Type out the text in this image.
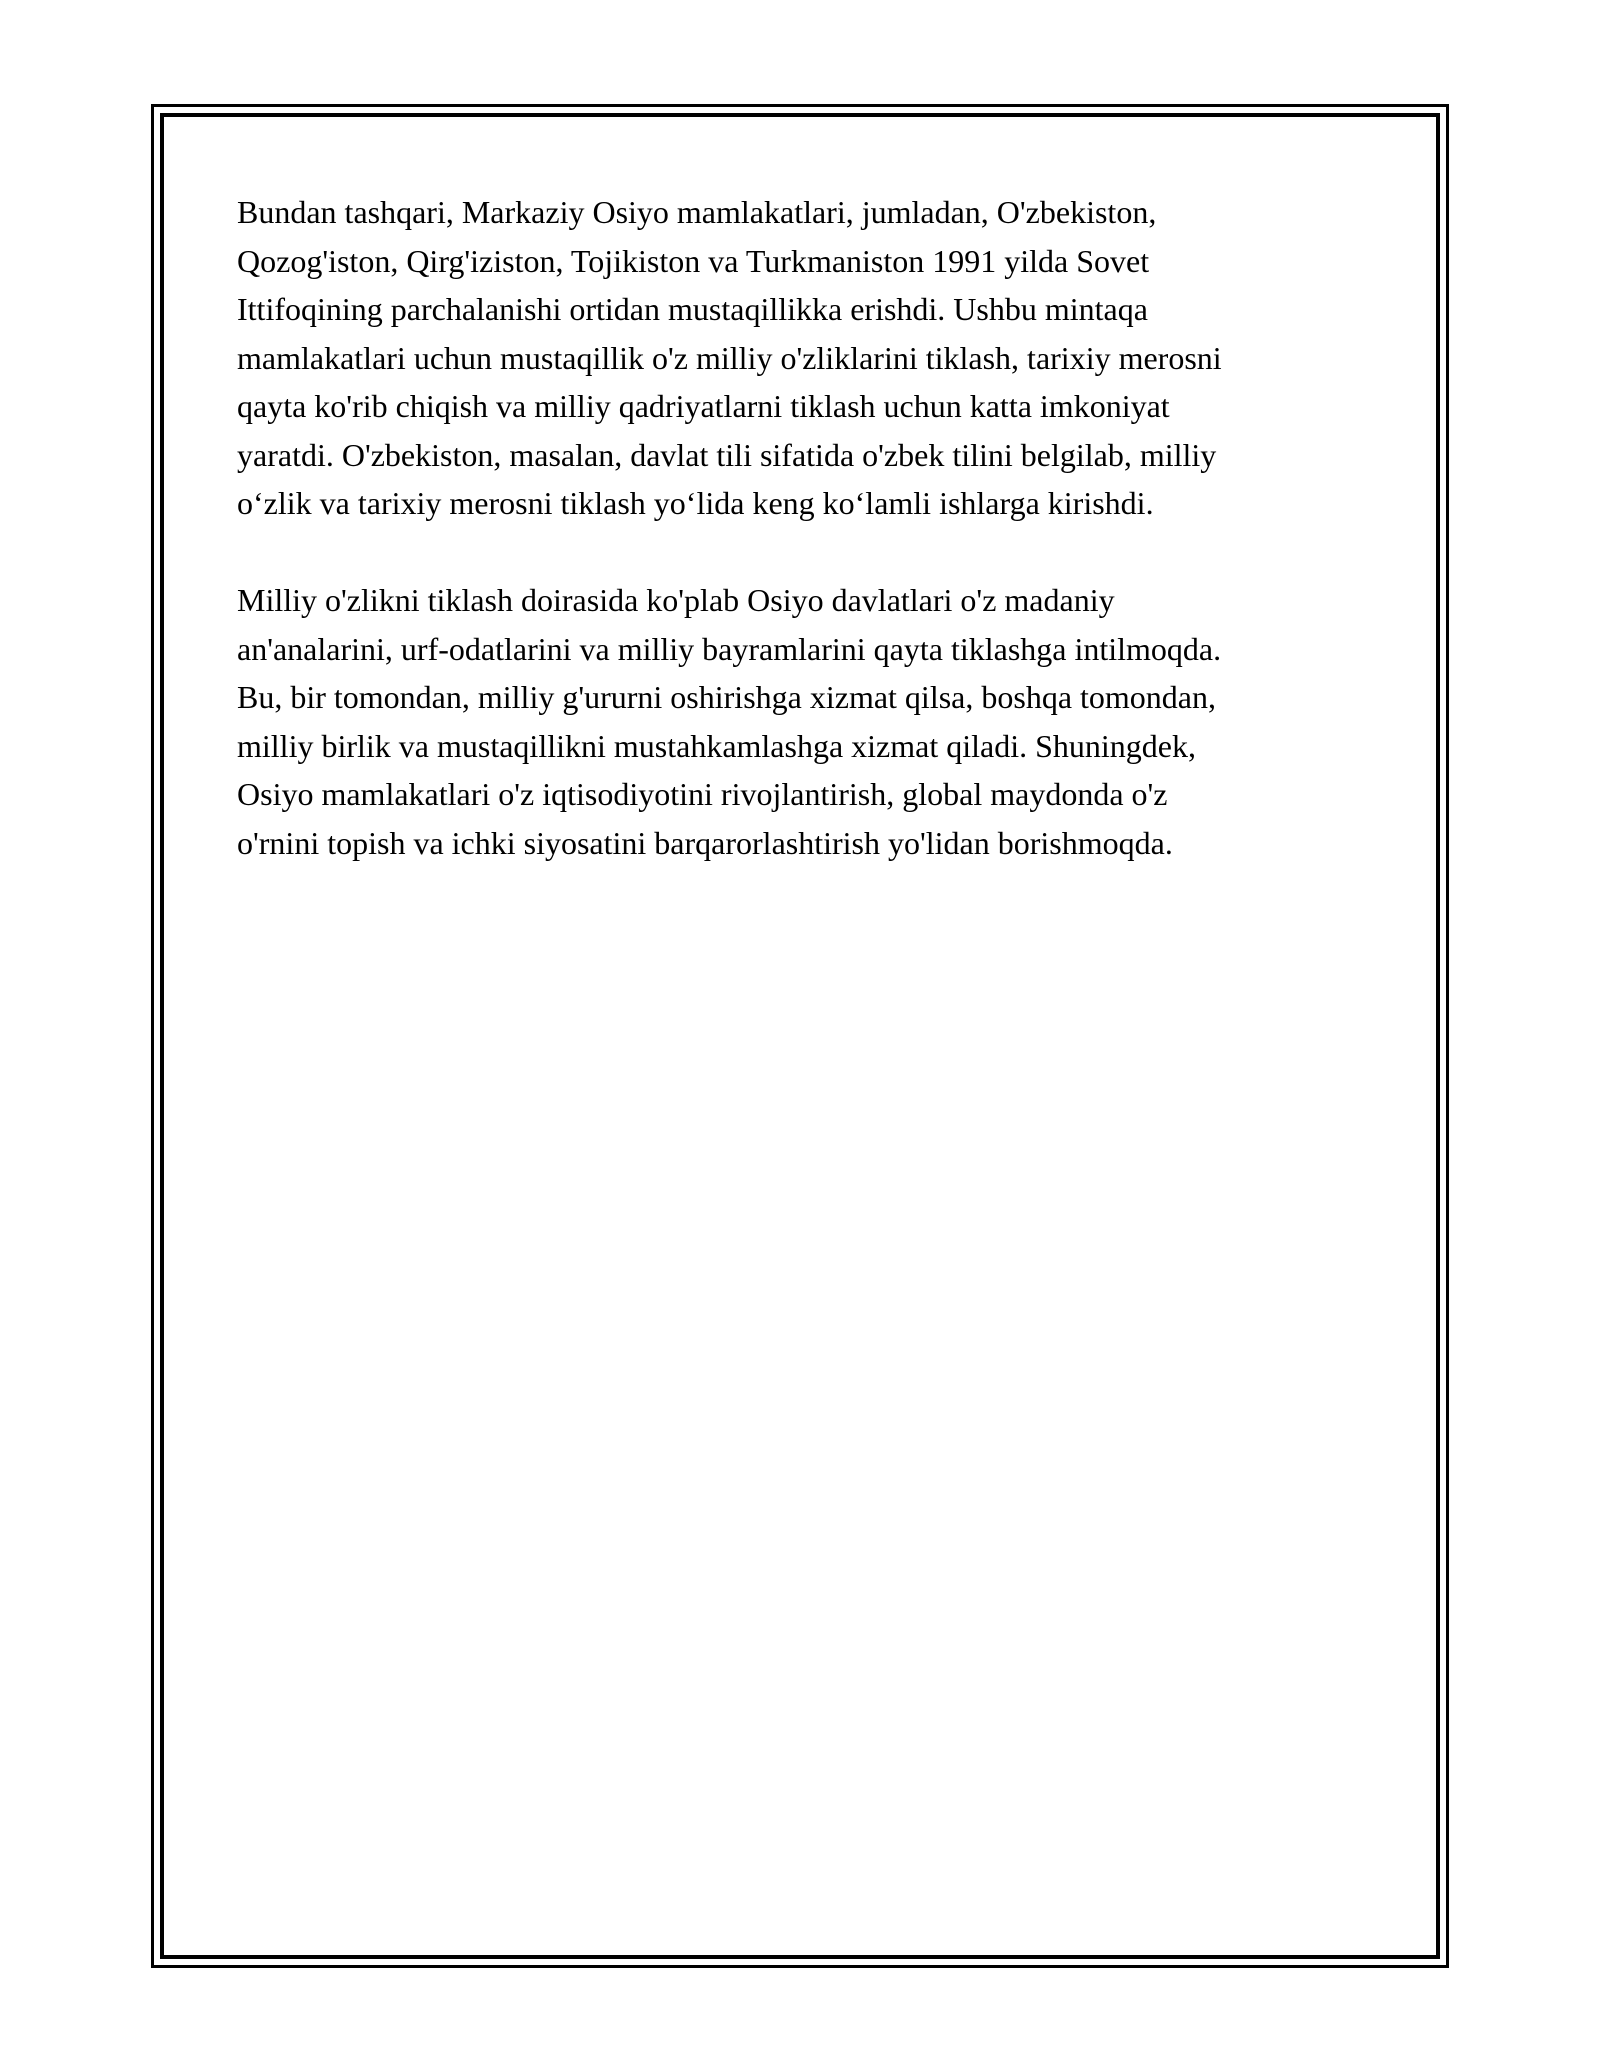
Bundan tashqari, Markaziy Osiyo mamlakatlari, jumladan, O'zbekiston,
Qozog'iston, Qirg'iziston, Tojikiston va Turkmaniston 1991 yilda Sovet
Ittifoqining parchalanishi ortidan mustaqillikka erishdi. Ushbu mintaqa
mamlakatlari uchun mustaqillik o'z milliy o'zliklarini tiklash, tarixiy merosni
qayta ko'rib chiqish va milliy qadriyatlarni tiklash uchun katta imkoniyat
yaratdi. O'zbekiston, masalan, davlat tili sifatida o'zbek tilini belgilab, milliy
o‘zlik va tarixiy merosni tiklash yo‘lida keng ko‘lamli ishlarga kirishdi.

Milliy o'zlikni tiklash doirasida ko'plab Osiyo davlatlari o'z madaniy
an'analarini, urf-odatlarini va milliy bayramlarini qayta tiklashga intilmoqda.
Bu, bir tomondan, milliy g'ururni oshirishga xizmat qilsa, boshqa tomondan,
milliy birlik va mustaqillikni mustahkamlashga xizmat qiladi. Shuningdek,
Osiyo mamlakatlari o'z iqtisodiyotini rivojlantirish, global maydonda o'z
o'rnini topish va ichki siyosatini barqarorlashtirish yo'lidan borishmoqda.
